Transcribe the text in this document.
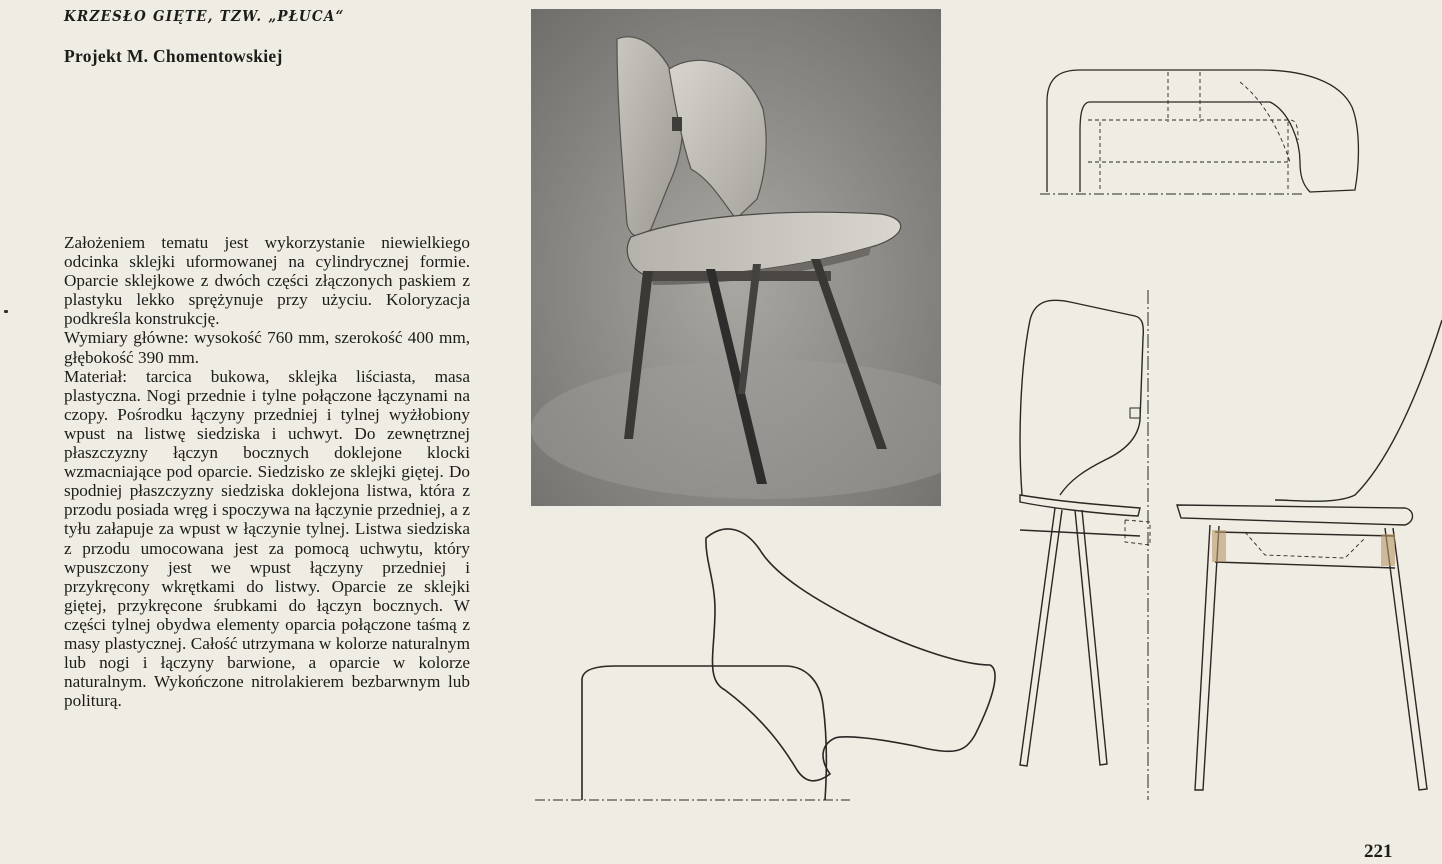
KRZESŁO GIĘTE, TZW. „PŁUCA“
Projekt M. Chomentowskiej

Założeniem tematu jest wykorzystanie niewielkiego odcinka sklejki uformowanej na cylindrycznej formie. Oparcie sklejkowe z dwóch części złączonych paskiem z plastyku lekko sprężynuje przy użyciu. Koloryzacja podkreśla konstrukcję.

Wymiary główne: wysokość 760 mm, szerokość 400 mm, głębokość 390 mm.

Materiał: tarcica bukowa, sklejka liściasta, masa plastyczna. Nogi przednie i tylne połączone łączynami na czopy. Pośrodku łączyny przedniej i tylnej wyżłobiony wpust na listwę siedziska i uchwyt. Do zewnętrznej płaszczyzny łączyn bocznych doklejone klocki wzmacniające pod oparcie. Siedzisko ze sklejki giętej. Do spodniej płaszczyzny siedziska doklejona listwa, która z przodu posiada wręg i spoczywa na łączynie przedniej, a z tyłu załapuje za wpust w łączynie tylnej. Listwa siedziska z przodu umocowana jest za pomocą uchwytu, który wpuszczony jest we wpust łączyny przedniej i przykręcony wkrętkami do listwy. Oparcie ze sklejki giętej, przykręcone śrubkami do łączyn bocznych. W części tylnej obydwa elementy oparcia połączone taśmą z masy plastycznej. Całość utrzymana w kolorze naturalnym lub nogi i łączyny barwione, a oparcie w kolorze naturalnym. Wykończone nitrolakierem bezbarwnym lub politurą.

221
